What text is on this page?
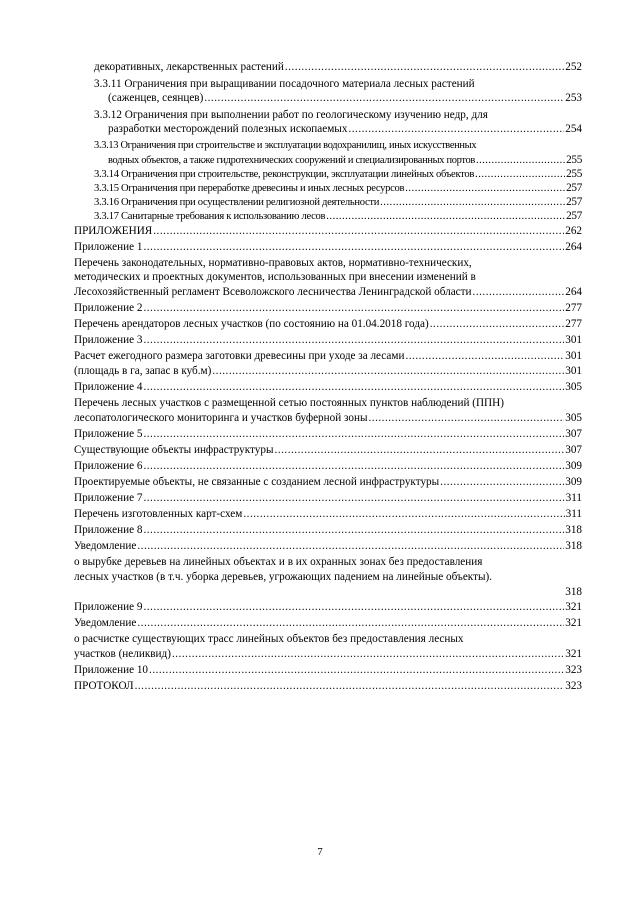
декоративных, лекарственных растений .....	252
3.3.11 Ограничения при выращивании посадочного материала лесных растений
(саженцев, сеянцев) .....	253
3.3.12 Ограничения при выполнении работ по геологическому изучению недр, для
разработки месторождений полезных ископаемых .....	254
3.3.13 Ограничения при строительстве и эксплуатации водохранилищ, иных искусственных
водных объектов, а также гидротехнических сооружений и специализированных портов .....	255
3.3.14 Ограничения при строительстве, реконструкции, эксплуатации линейных объектов .....	255
3.3.15 Ограничения при переработке древесины и иных лесных ресурсов .....	257
3.3.16 Ограничения при осуществлении религиозной деятельности .....	257
3.3.17 Санитарные требования к использованию лесов .....	257
ПРИЛОЖЕНИЯ .....	262
Приложение 1 .....	264
Перечень законодательных, нормативно-правовых актов, нормативно-технических,
методических и проектных документов, использованных при внесении изменений в
Лесохозяйственный регламент Всеволожского лесничества Ленинградской области .....	264
Приложение 2 .....	277
Перечень арендаторов лесных участков (по состоянию на 01.04.2018 года) .....	277
Приложение 3 .....	301
Расчет ежегодного размера заготовки древесины при уходе за лесами .....	301
(площадь в га, запас в куб.м) .....	301
Приложение 4 .....	305
Перечень лесных участков с размещенной сетью постоянных пунктов наблюдений (ППН)
лесопатологического мониторинга и участков буферной зоны .....	305
Приложение 5 .....	307
Существующие объекты инфраструктуры .....	307
Приложение 6 .....	309
Проектируемые объекты, не связанные с созданием лесной инфраструктуры .....	309
Приложение 7 .....	311
Перечень изготовленных карт-схем .....	311
Приложение 8 .....	318
Уведомление .....	318
о вырубке деревьев на линейных объектах и в их охранных зонах без предоставления
лесных участков (в т.ч. уборка деревьев, угрожающих падением на линейные объекты).
318
Приложение 9 .....	321
Уведомление .....	321
о расчистке существующих трасс линейных объектов без предоставления лесных
участков (неликвид) .....	321
Приложение 10 .....	323
ПРОТОКОЛ .....	323
7
